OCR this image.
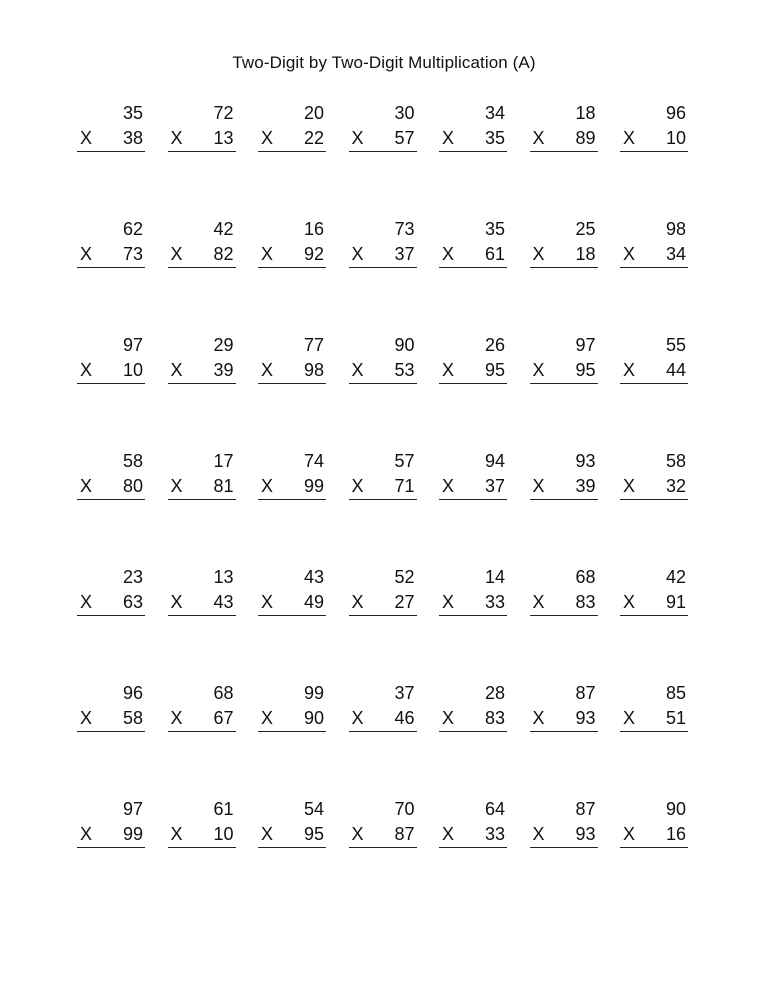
Two-Digit by Two-Digit Multiplication (A)
35
X 38
72
X 13
20
X 22
30
X 57
34
X 35
18
X 89
96
X 10
62
X 73
42
X 82
16
X 92
73
X 37
35
X 61
25
X 18
98
X 34
97
X 10
29
X 39
77
X 98
90
X 53
26
X 95
97
X 95
55
X 44
58
X 80
17
X 81
74
X 99
57
X 71
94
X 37
93
X 39
58
X 32
23
X 63
13
X 43
43
X 49
52
X 27
14
X 33
68
X 83
42
X 91
96
X 58
68
X 67
99
X 90
37
X 46
28
X 83
87
X 93
85
X 51
97
X 99
61
X 10
54
X 95
70
X 87
64
X 33
87
X 93
90
X 16
